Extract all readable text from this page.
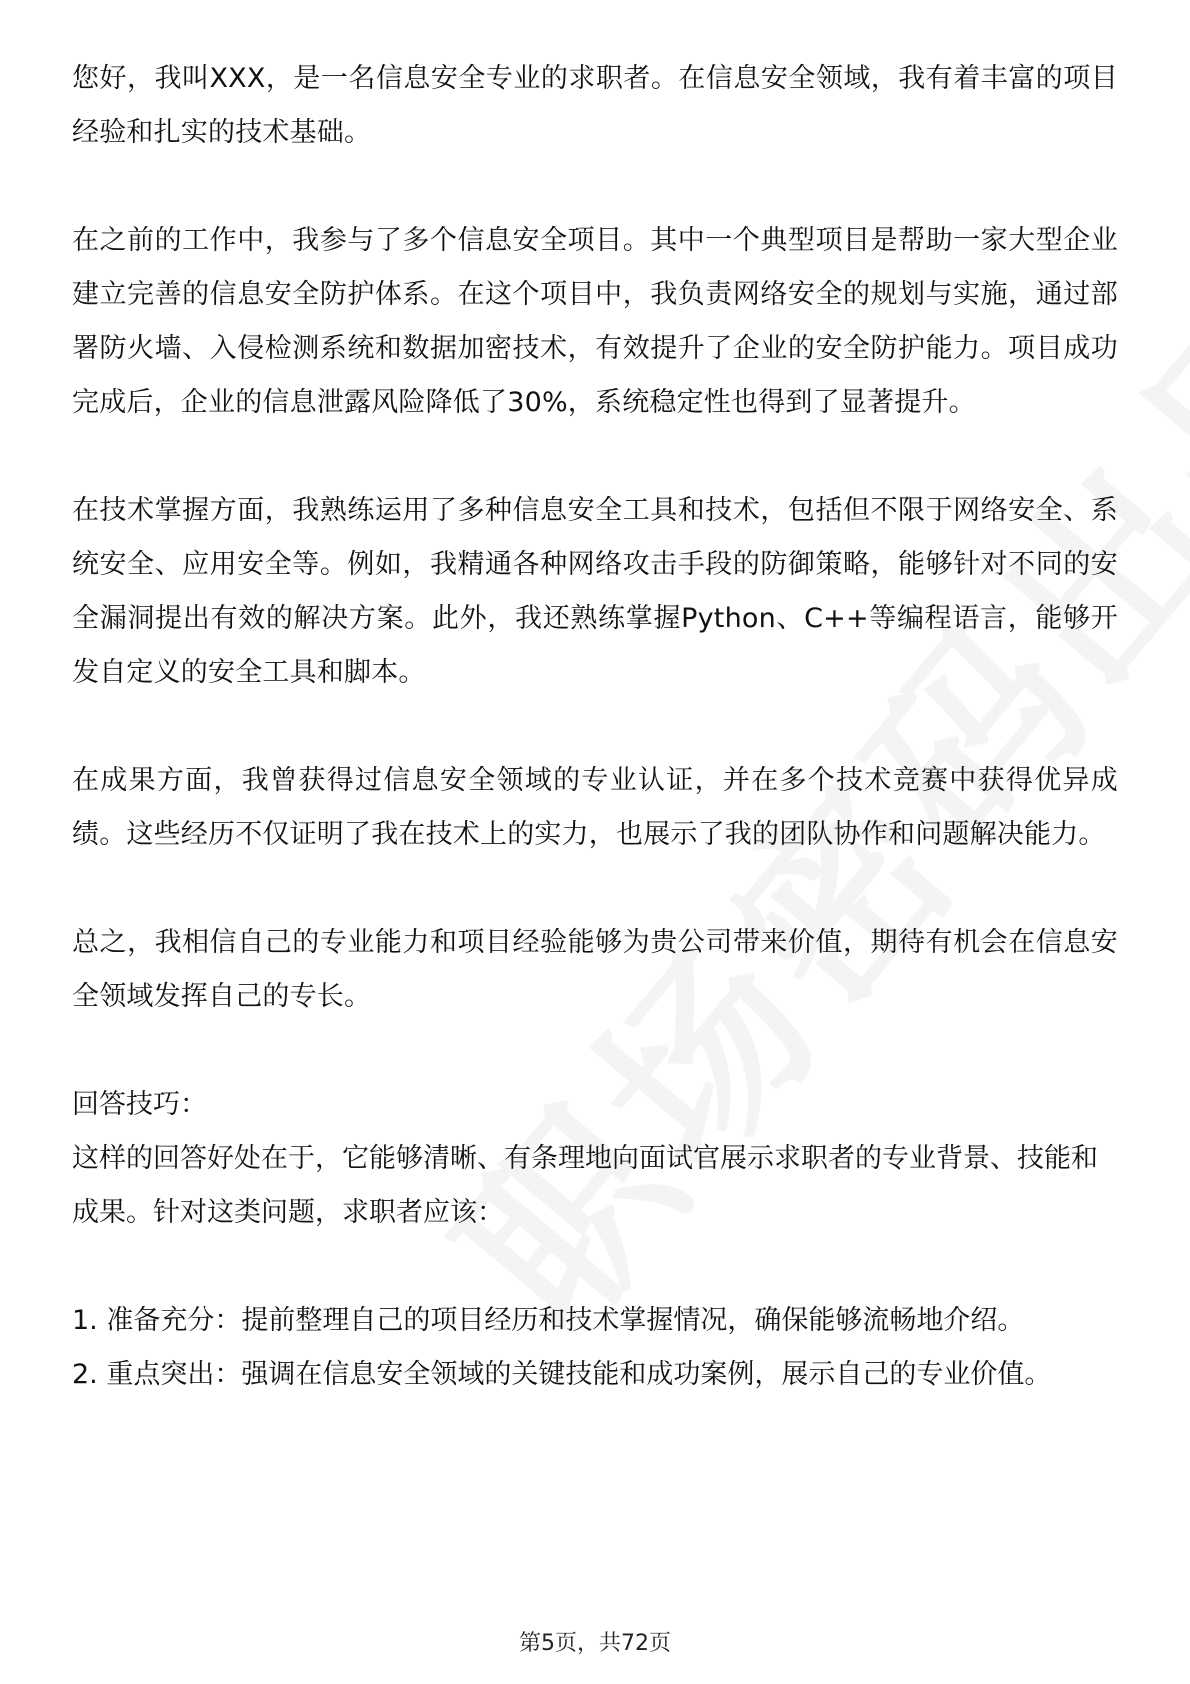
您好，我叫XXX，是一名信息安全专业的求职者。在信息安全领域，我有着丰富的项目经验和扎实的技术基础。

在之前的工作中，我参与了多个信息安全项目。其中一个典型项目是帮助一家大型企业建立完善的信息安全防护体系。在这个项目中，我负责网络安全的规划与实施，通过部署防火墙、入侵检测系统和数据加密技术，有效提升了企业的安全防护能力。项目成功完成后，企业的信息泄露风险降低了30%，系统稳定性也得到了显著提升。

在技术掌握方面，我熟练运用了多种信息安全工具和技术，包括但不限于网络安全、系统安全、应用安全等。例如，我精通各种网络攻击手段的防御策略，能够针对不同的安全漏洞提出有效的解决方案。此外，我还熟练掌握Python、C++等编程语言，能够开发自定义的安全工具和脚本。

在成果方面，我曾获得过信息安全领域的专业认证，并在多个技术竞赛中获得优异成绩。这些经历不仅证明了我在技术上的实力，也展示了我的团队协作和问题解决能力。

总之，我相信自己的专业能力和项目经验能够为贵公司带来价值，期待有机会在信息安全领域发挥自己的专长。

回答技巧：

这样的回答好处在于，它能够清晰、有条理地向面试官展示求职者的专业背景、技能和成果。针对这类问题，求职者应该：

1. 准备充分：提前整理自己的项目经历和技术掌握情况，确保能够流畅地介绍。
2. 重点突出：强调在信息安全领域的关键技能和成功案例，展示自己的专业价值。
第5页，共72页
